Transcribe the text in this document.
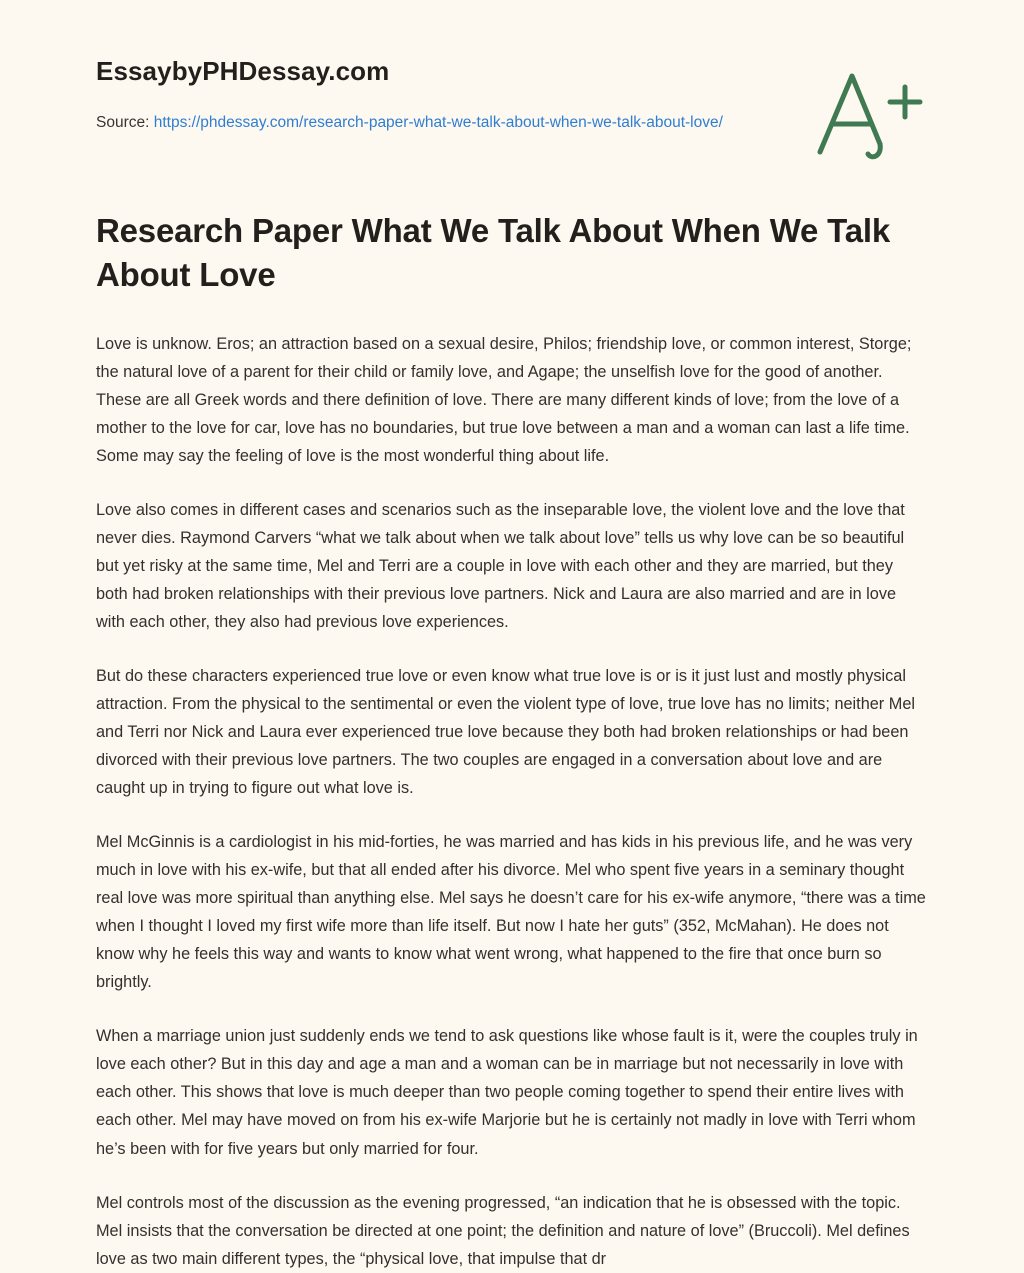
Essay by PHDessay.com
Source: https://phdessay.com/research-paper-what-we-talk-about-when-we-talk-about-love/
Research Paper What We Talk About When We Talk About Love

Love is unknow. Eros; an attraction based on a sexual desire, Philos; friendship love, or common interest, Storge; the natural love of a parent for their child or family love, and Agape; the unselfish love for the good of another. These are all Greek words and there definition of love. There are many different kinds of love; from the love of a mother to the love for car, love has no boundaries, but true love between a man and a woman can last a life time. Some may say the feeling of love is the most wonderful thing about life.

Love also comes in different cases and scenarios such as the inseparable love, the violent love and the love that never dies. Raymond Carvers “what we talk about when we talk about love” tells us why love can be so beautiful but yet risky at the same time, Mel and Terri are a couple in love with each other and they are married, but they both had broken relationships with their previous love partners. Nick and Laura are also married and are in love with each other, they also had previous love experiences.

But do these characters experienced true love or even know what true love is or is it just lust and mostly physical attraction. From the physical to the sentimental or even the violent type of love, true love has no limits; neither Mel and Terri nor Nick and Laura ever experienced true love because they both had broken relationships or had been divorced with their previous love partners. The two couples are engaged in a conversation about love and are caught up in trying to figure out what love is.

Mel McGinnis is a cardiologist in his mid-forties, he was married and has kids in his previous life, and he was very much in love with his ex-wife, but that all ended after his divorce. Mel who spent five years in a seminary thought real love was more spiritual than anything else. Mel says he doesn’t care for his ex-wife anymore, “there was a time when I thought I loved my first wife more than life itself. But now I hate her guts” (352, McMahan). He does not know why he feels this way and wants to know what went wrong, what happened to the fire that once burn so brightly.

When a marriage union just suddenly ends we tend to ask questions like whose fault is it, were the couples truly in love each other? But in this day and age a man and a woman can be in marriage but not necessarily in love with each other. This shows that love is much deeper than two people coming together to spend their entire lives with each other. Mel may have moved on from his ex-wife Marjorie but he is certainly not madly in love with Terri whom he’s been with for five years but only married for four.

Mel controls most of the discussion as the evening progressed, “an indication that he is obsessed with the topic. Mel insists that the conversation be directed at one point; the definition and nature of love” (Bruccoli). Mel defines love as two main different types, the “physical love, that impulse that dr
